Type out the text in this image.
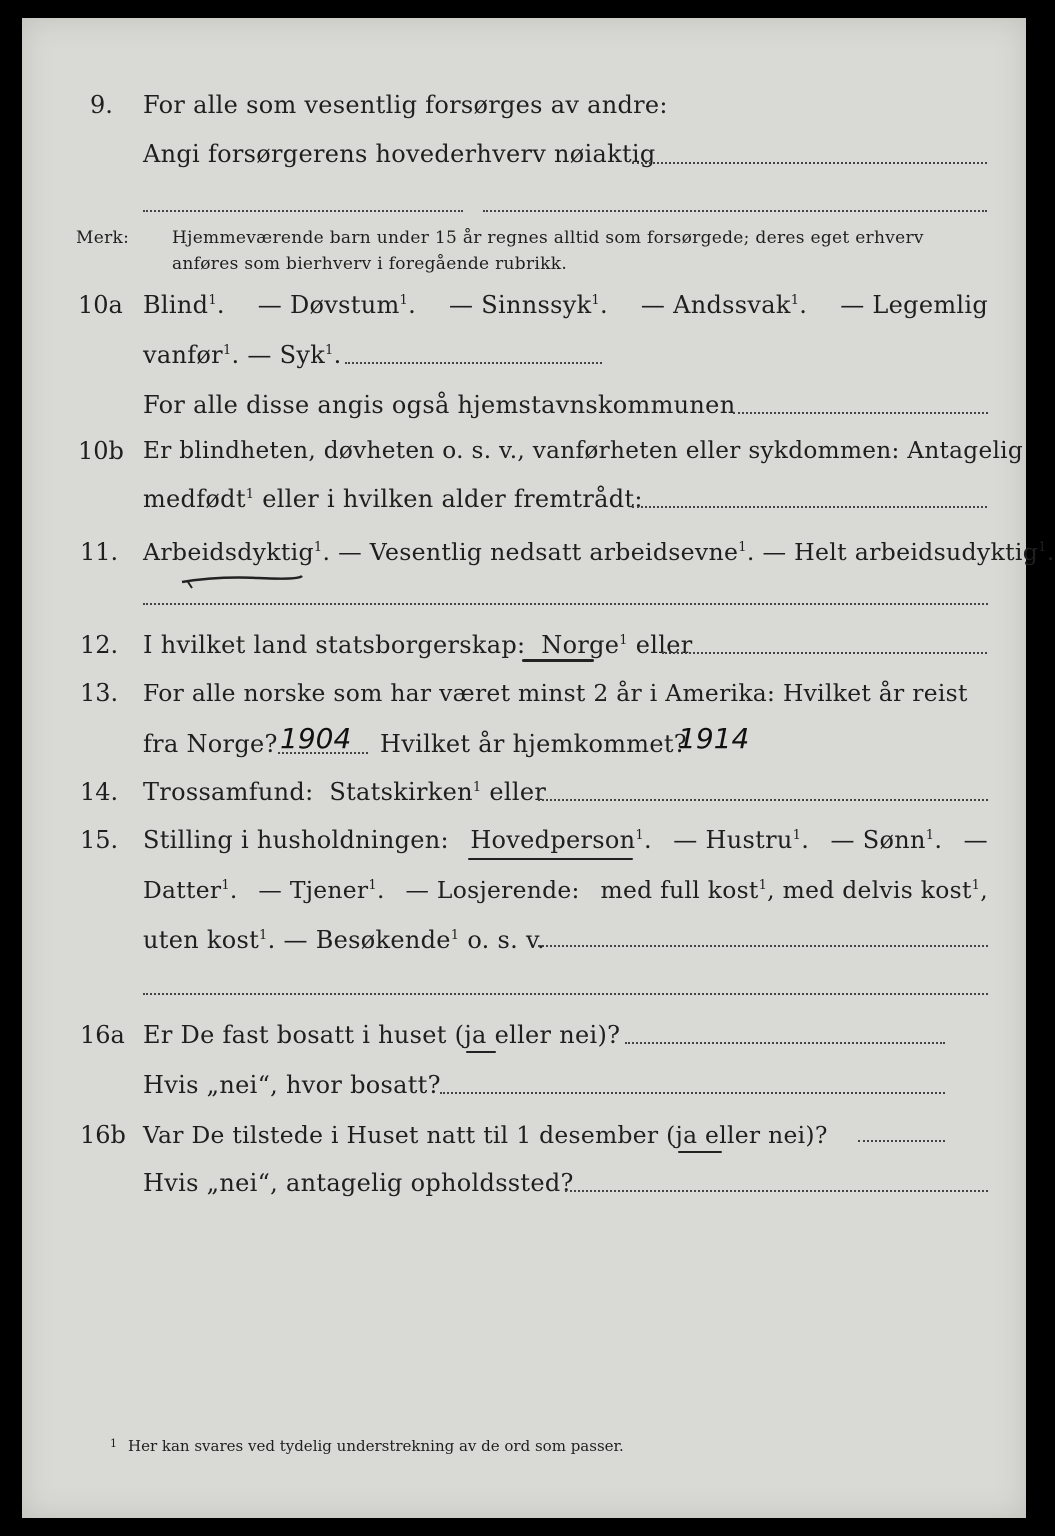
9. For alle som vesentlig forsørges av andre:
Angi forsørgerens hovederhverv nøiaktig
Merk:	Hjemmeværende barn under 15 år regnes alltid som forsørgede; deres eget erhverv
anføres som bierhverv i foregående rubrikk.
10a Blind$^1$. — Døvstum$^1$. — Sinnssyk$^1$. — Andssvak$^1$. — Legemlig
vanfør$^1$. — Syk$^1$.
For alle disse angis også hjemstavnskommunen
10b Er blindheten, døvheten o. s. v., vanførheten eller sykdommen: Antagelig
medfødt$^1$ eller i hvilken alder fremtrådt:
11. Arbeidsdyktig$^1$. — Vesentlig nedsatt arbeidsevne$^1$. — Helt arbeidsudyktig$^1$.
12. I hvilket land statsborgerskap: Norge$^1$ eller
13. For alle norske som har været minst 2 år i Amerika: Hvilket år reist
fra Norge? 1904 Hvilket år hjemkommet?
1914
14. Trossamfund: Statskirken$^1$ eller
15. Stilling i husholdningen: Hovedperson$^1$. — Hustru$^1$. — Sønn$^1$. —
Datter$^1$. — Tjener$^1$. — Losjerende: med full kost$^1$, med delvis kost$^1$,
uten kost$^1$. — Besøkende$^1$ o. s. v.
16a Er De fast bosatt i huset (ja eller nei)?
Hvis „nei“, hvor bosatt?
16b Var De tilstede i Huset natt til 1 desember (ja eller nei)?
Hvis „nei“, antagelig opholdssted?
1 Her kan svares ved tydelig understrekning av de ord som passer.
